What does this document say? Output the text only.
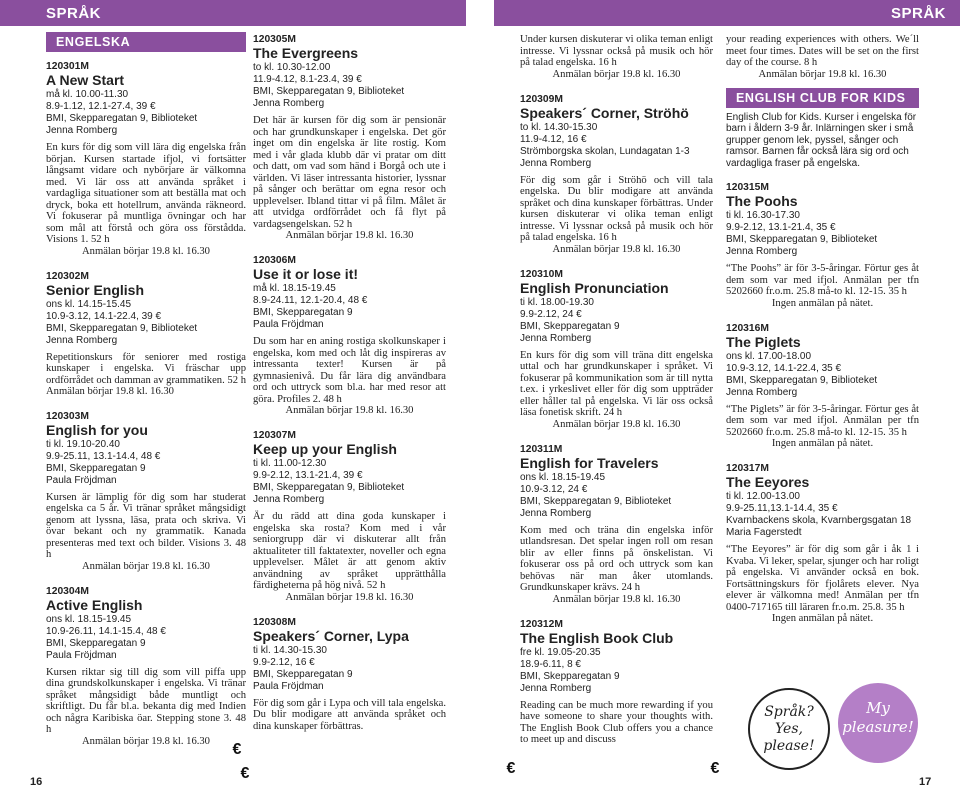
SPRÅK	SPRÅK
ENGELSKA
120301M
A New Start
må kl. 10.00-11.30
8.9-1.12, 12.1-27.4, 39 €
BMI, Skepparegatan 9, Biblioteket
Jenna Romberg
En kurs för dig som vill lära dig engelska från början. Kursen startade ifjol, vi fortsätter långsamt vidare och nybörjare är välkomna med. Vi lär oss att använda språket i vardagliga situationer som att beställa mat och dryck, boka ett hotellrum, använda räkneord. Vi fokuserar på muntliga övningar och har som mål att förstå och göra oss förstådda. Visions 1. 52 h
Anmälan börjar 19.8 kl. 16.30
120302M
Senior English
ons kl. 14.15-15.45
10.9-3.12, 14.1-22.4, 39 €
BMI, Skepparegatan 9, Biblioteket
Jenna Romberg
Repetitionskurs för seniorer med rostiga kunskaper i engelska. Vi fräschar upp ordförrådet och damman av grammatiken. 52 h Anmälan börjar 19.8 kl. 16.30
120303M
English for you
ti kl. 19.10-20.40
9.9-25.11, 13.1-14.4, 48 €
BMI, Skepparegatan 9
Paula Fröjdman
Kursen är lämplig för dig som har studerat engelska ca 5 år. Vi tränar språket mångsidigt genom att lyssna, läsa, prata och skriva. Vi övar bekant och ny grammatik. Kanada presenteras med text och bilder. Visions 3. 48 h
Anmälan börjar 19.8 kl. 16.30
120304M
Active English
ons kl. 18.15-19.45
10.9-26.11, 14.1-15.4, 48 €
BMI, Skepparegatan 9
Paula Fröjdman
Kursen riktar sig till dig som vill piffa upp dina grundskolkunskaper i engelska. Vi tränar språket mångsidigt både muntligt och skriftligt. Du får bl.a. bekanta dig med Indien och några Karibiska öar. Stepping stone 3. 48 h
Anmälan börjar 19.8 kl. 16.30
120305M
The Evergreens
to kl. 10.30-12.00
11.9-4.12, 8.1-23.4, 39 €
BMI, Skepparegatan 9, Biblioteket
Jenna Romberg
Det här är kursen för dig som är pensionär och har grundkunskaper i engelska. Det gör inget om din engelska är lite rostig. Kom med i vår glada klubb där vi pratar om ditt och datt, om vad som händ i Borgå och ute i världen. Vi läser intressanta historier, lyssnar på sånger och berättar om egna resor och upplevelser. Ibland tittar vi på film. Målet är att utvidga ordförrådet och få flyt på vardagsengelskan. 52 h
Anmälan börjar 19.8 kl. 16.30
120306M
Use it or lose it!
må kl. 18.15-19.45
8.9-24.11, 12.1-20.4, 48 €
BMI, Skepparegatan 9
Paula Fröjdman
Du som har en aning rostiga skolkunskaper i engelska, kom med och låt dig inspireras av intressanta texter! Kursen är på gymnasienivå. Du får lära dig användbara ord och uttryck som bl.a. har med resor att göra. Profiles 2. 48 h
Anmälan börjar 19.8 kl. 16.30
120307M
Keep up your English
ti kl. 11.00-12.30
9.9-2.12, 13.1-21.4, 39 €
BMI, Skepparegatan 9, Biblioteket
Jenna Romberg
Är du rädd att dina goda kunskaper i engelska ska rosta? Kom med i vår seniorgrupp där vi diskuterar allt från aktualiteter till faktatexter, noveller och egna upplevelser. Målet är att genom aktiv användning av språket upprätthålla färdigheterna på hög nivå. 52 h
Anmälan börjar 19.8 kl. 16.30
120308M
Speakers´ Corner, Lypa
ti kl. 14.30-15.30
9.9-2.12, 16 €
BMI, Skepparegatan 9
Paula Fröjdman
För dig som går i Lypa och vill tala engelska. Du blir modigare att använda språket och dina kunskaper förbättras.
Under kursen diskuterar vi olika teman enligt intresse. Vi lyssnar också på musik och hör på talad engelska. 16 h
Anmälan börjar 19.8 kl. 16.30
120309M
Speakers´ Corner, Ströhö
to kl. 14.30-15.30
11.9-4.12, 16 €
Strömborgska skolan, Lundagatan 1-3
Jenna Romberg
För dig som går i Ströhö och vill tala engelska. Du blir modigare att använda språket och dina kunskaper förbättras. Under kursen diskuterar vi olika teman enligt intresse. Vi lyssnar också på musik och hör på talad engelska. 16 h
Anmälan börjar 19.8 kl. 16.30
120310M
English Pronunciation
ti kl. 18.00-19.30
9.9-2.12, 24 €
BMI, Skepparegatan 9
Jenna Romberg
En kurs för dig som vill träna ditt engelska uttal och har grundkunskaper i språket. Vi fokuserar på kommunikation som är till nytta t.ex. i yrkeslivet eller för dig som uppträder eller håller tal på engelska. Vi lär oss också läsa fonetisk skrift. 24 h
Anmälan börjar 19.8 kl. 16.30
120311M
English for Travelers
ons kl. 18.15-19.45
10.9-3.12, 24 €
BMI, Skepparegatan 9, Biblioteket
Jenna Romberg
Kom med och träna din engelska inför utlandsresan. Det spelar ingen roll om resan blir av eller finns på önskelistan. Vi fokuserar oss på ord och uttryck som kan behövas när man åker utomlands. Grundkunskaper krävs. 24 h
Anmälan börjar 19.8 kl. 16.30
120312M
The English Book Club
fre kl. 19.05-20.35
18.9-6.11, 8 €
BMI, Skepparegatan 9
Jenna Romberg
Reading can be much more rewarding if you have someone to share your thoughts with. The English Book Club offers you a chance to meet up and discuss
your reading experiences with others. We´ll meet four times. Dates will be set on the first day of the course. 8 h
Anmälan börjar 19.8 kl. 16.30
ENGLISH CLUB FOR KIDS
English Club for Kids. Kurser i engelska för barn i åldern 3-9 år. Inlärningen sker i små grupper genom lek, pyssel, sånger och ramsor. Barnen får också lära sig ord och vardagliga fraser på engelska.
120315M
The Poohs
ti kl. 16.30-17.30
9.9-2.12, 13.1-21.4, 35 €
BMI, Skepparegatan 9, Biblioteket
Jenna Romberg
“The Poohs” är för 3-5-åringar. Förtur ges åt dem som var med ifjol. Anmälan per tfn 5202660 fr.o.m. 25.8 må-to kl. 12-15. 35 h
Ingen anmälan på nätet.
120316M
The Piglets
ons kl. 17.00-18.00
10.9-3.12, 14.1-22.4, 35 €
BMI, Skepparegatan 9, Biblioteket
Jenna Romberg
“The Piglets” är för 3-5-åringar. Förtur ges åt dem som var med ifjol. Anmälan per tfn 5202660 fr.o.m. 25.8 må-to kl. 12-15. 35 h
Ingen anmälan på nätet.
120317M
The Eeyores
ti kl. 12.00-13.00
9.9-25.11,13.1-14.4, 35 €
Kvarnbackens skola, Kvarnbergsgatan 18
Maria Fagerstedt
“The Eeyores” är för dig som går i åk 1 i Kvaba. Vi leker, spelar, sjunger och har roligt på engelska. Vi använder också en bok. Fortsättningskurs för fjolårets elever. Nya elever är välkomna med! Anmälan per tfn 0400-717165 till läraren fr.o.m. 25.8. 35 h
Ingen anmälan på nätet.
€
€	€	€
Språk? Yes, please!
My pleasure!
16	17
